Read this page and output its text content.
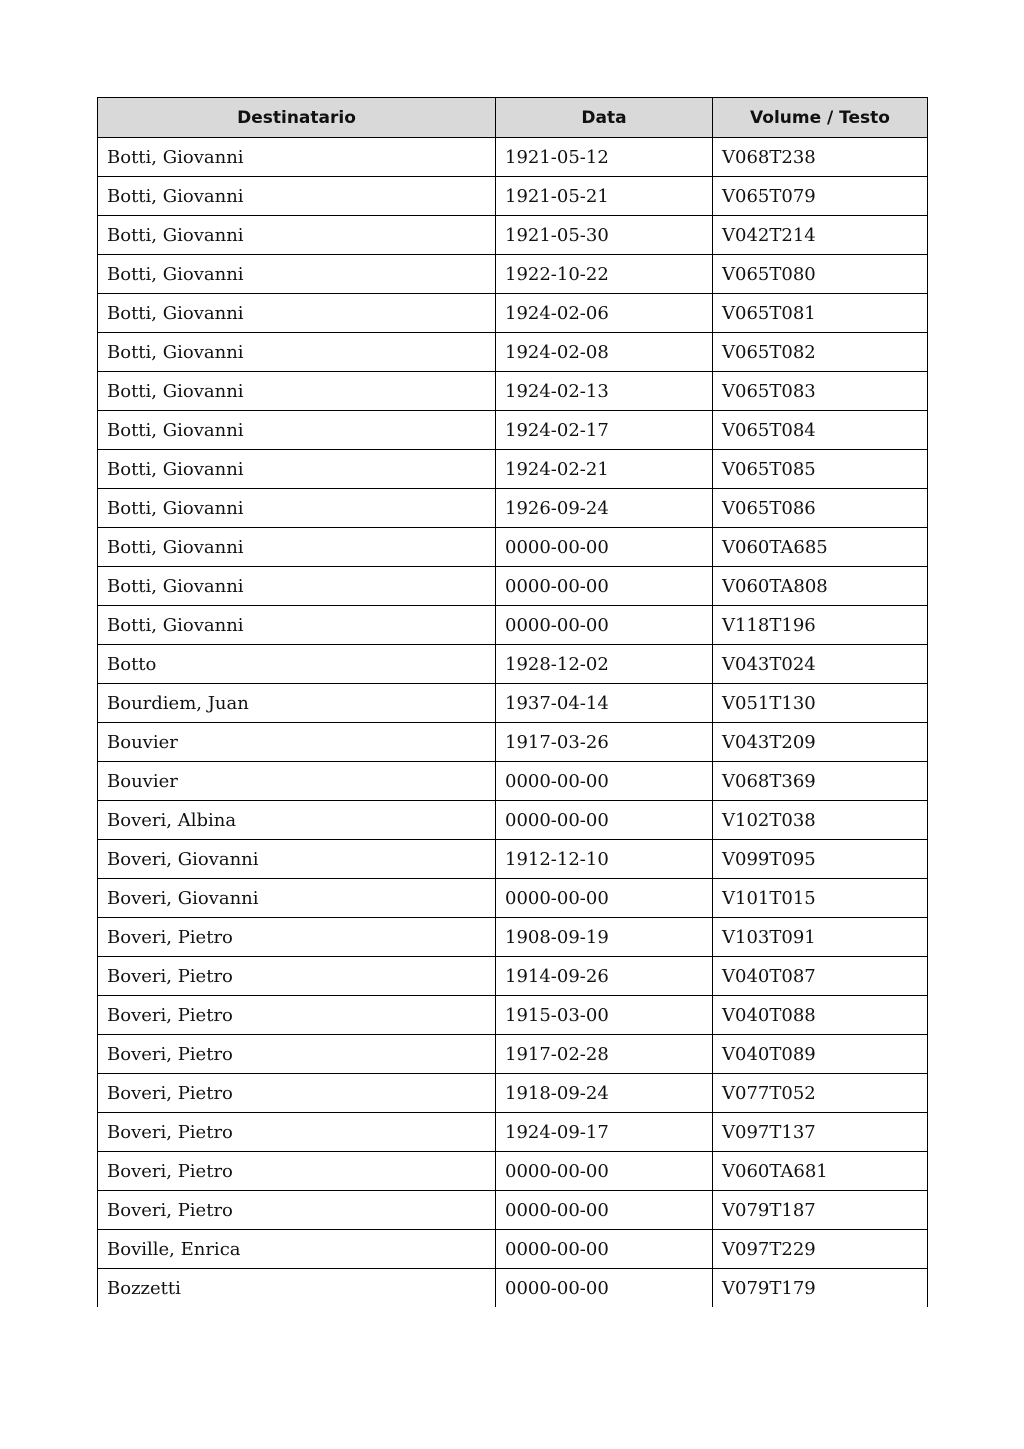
Destinatario	Data	Volume / Testo
Botti, Giovanni	1921-05-12	V068T238
Botti, Giovanni	1921-05-21	V065T079
Botti, Giovanni	1921-05-30	V042T214
Botti, Giovanni	1922-10-22	V065T080
Botti, Giovanni	1924-02-06	V065T081
Botti, Giovanni	1924-02-08	V065T082
Botti, Giovanni	1924-02-13	V065T083
Botti, Giovanni	1924-02-17	V065T084
Botti, Giovanni	1924-02-21	V065T085
Botti, Giovanni	1926-09-24	V065T086
Botti, Giovanni	0000-00-00	V060TA685
Botti, Giovanni	0000-00-00	V060TA808
Botti, Giovanni	0000-00-00	V118T196
Botto	1928-12-02	V043T024
Bourdiem, Juan	1937-04-14	V051T130
Bouvier	1917-03-26	V043T209
Bouvier	0000-00-00	V068T369
Boveri, Albina	0000-00-00	V102T038
Boveri, Giovanni	1912-12-10	V099T095
Boveri, Giovanni	0000-00-00	V101T015
Boveri, Pietro	1908-09-19	V103T091
Boveri, Pietro	1914-09-26	V040T087
Boveri, Pietro	1915-03-00	V040T088
Boveri, Pietro	1917-02-28	V040T089
Boveri, Pietro	1918-09-24	V077T052
Boveri, Pietro	1924-09-17	V097T137
Boveri, Pietro	0000-00-00	V060TA681
Boveri, Pietro	0000-00-00	V079T187
Boville, Enrica	0000-00-00	V097T229
Bozzetti	0000-00-00	V079T179
